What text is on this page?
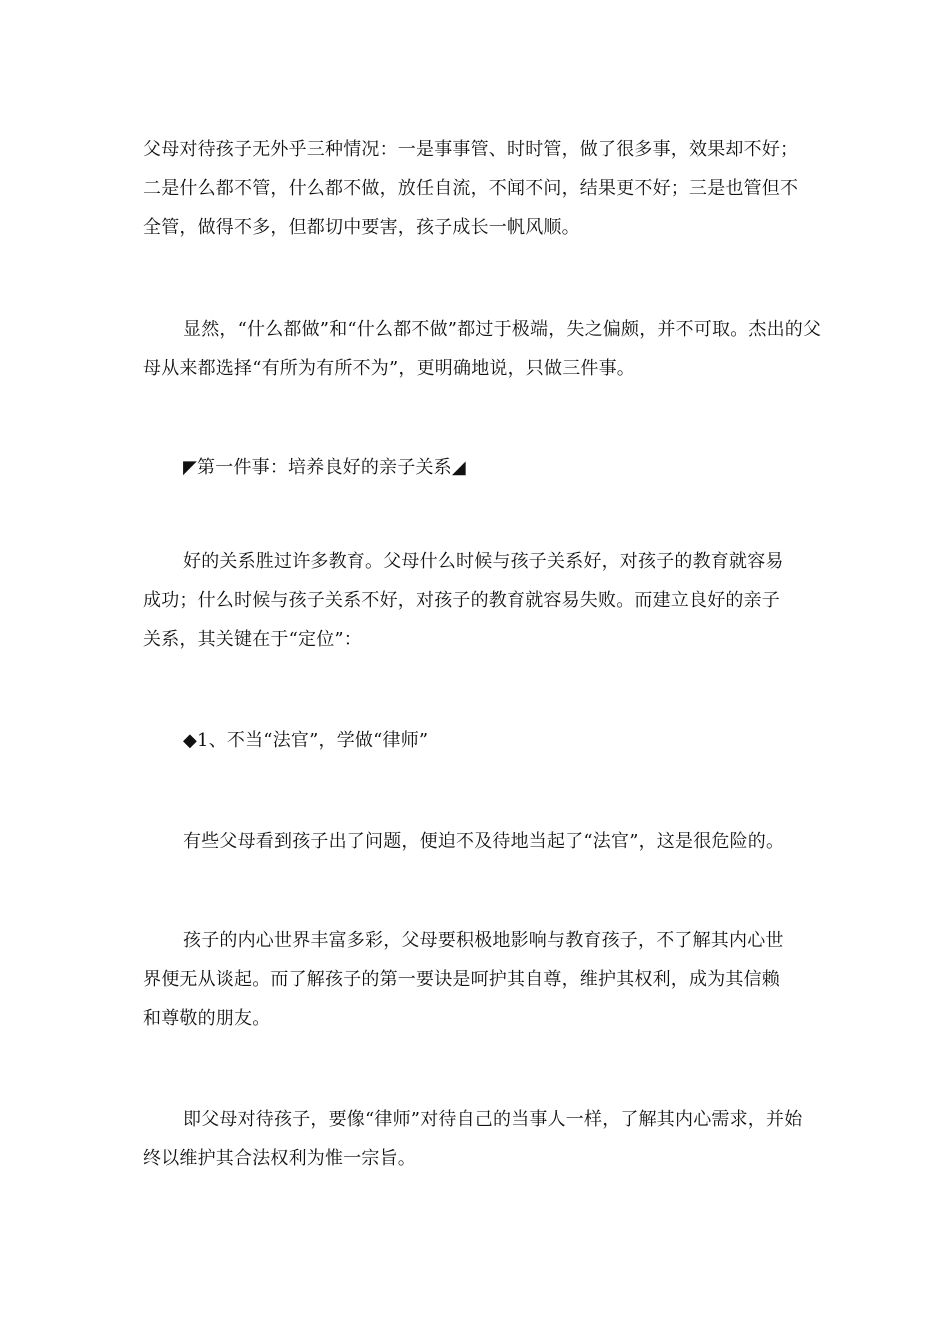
父母对待孩子无外乎三种情况：一是事事管、时时管，做了很多事，效果却不好；
二是什么都不管，什么都不做，放任自流，不闻不问，结果更不好；三是也管但不
全管，做得不多，但都切中要害，孩子成长一帆风顺。

显然，“什么都做”和“什么都不做”都过于极端，失之偏颇，并不可取。杰出的父
母从来都选择“有所为有所不为”，更明确地说，只做三件事。

◤第一件事：培养良好的亲子关系◢

好的关系胜过许多教育。父母什么时候与孩子关系好，对孩子的教育就容易
成功；什么时候与孩子关系不好，对孩子的教育就容易失败。而建立良好的亲子
关系，其关键在于“定位”：

◆1、不当“法官”，学做“律师”

有些父母看到孩子出了问题，便迫不及待地当起了“法官”，这是很危险的。

孩子的内心世界丰富多彩，父母要积极地影响与教育孩子，不了解其内心世
界便无从谈起。而了解孩子的第一要诀是呵护其自尊，维护其权利，成为其信赖
和尊敬的朋友。

即父母对待孩子，要像“律师”对待自己的当事人一样，了解其内心需求，并始
终以维护其合法权利为惟一宗旨。
